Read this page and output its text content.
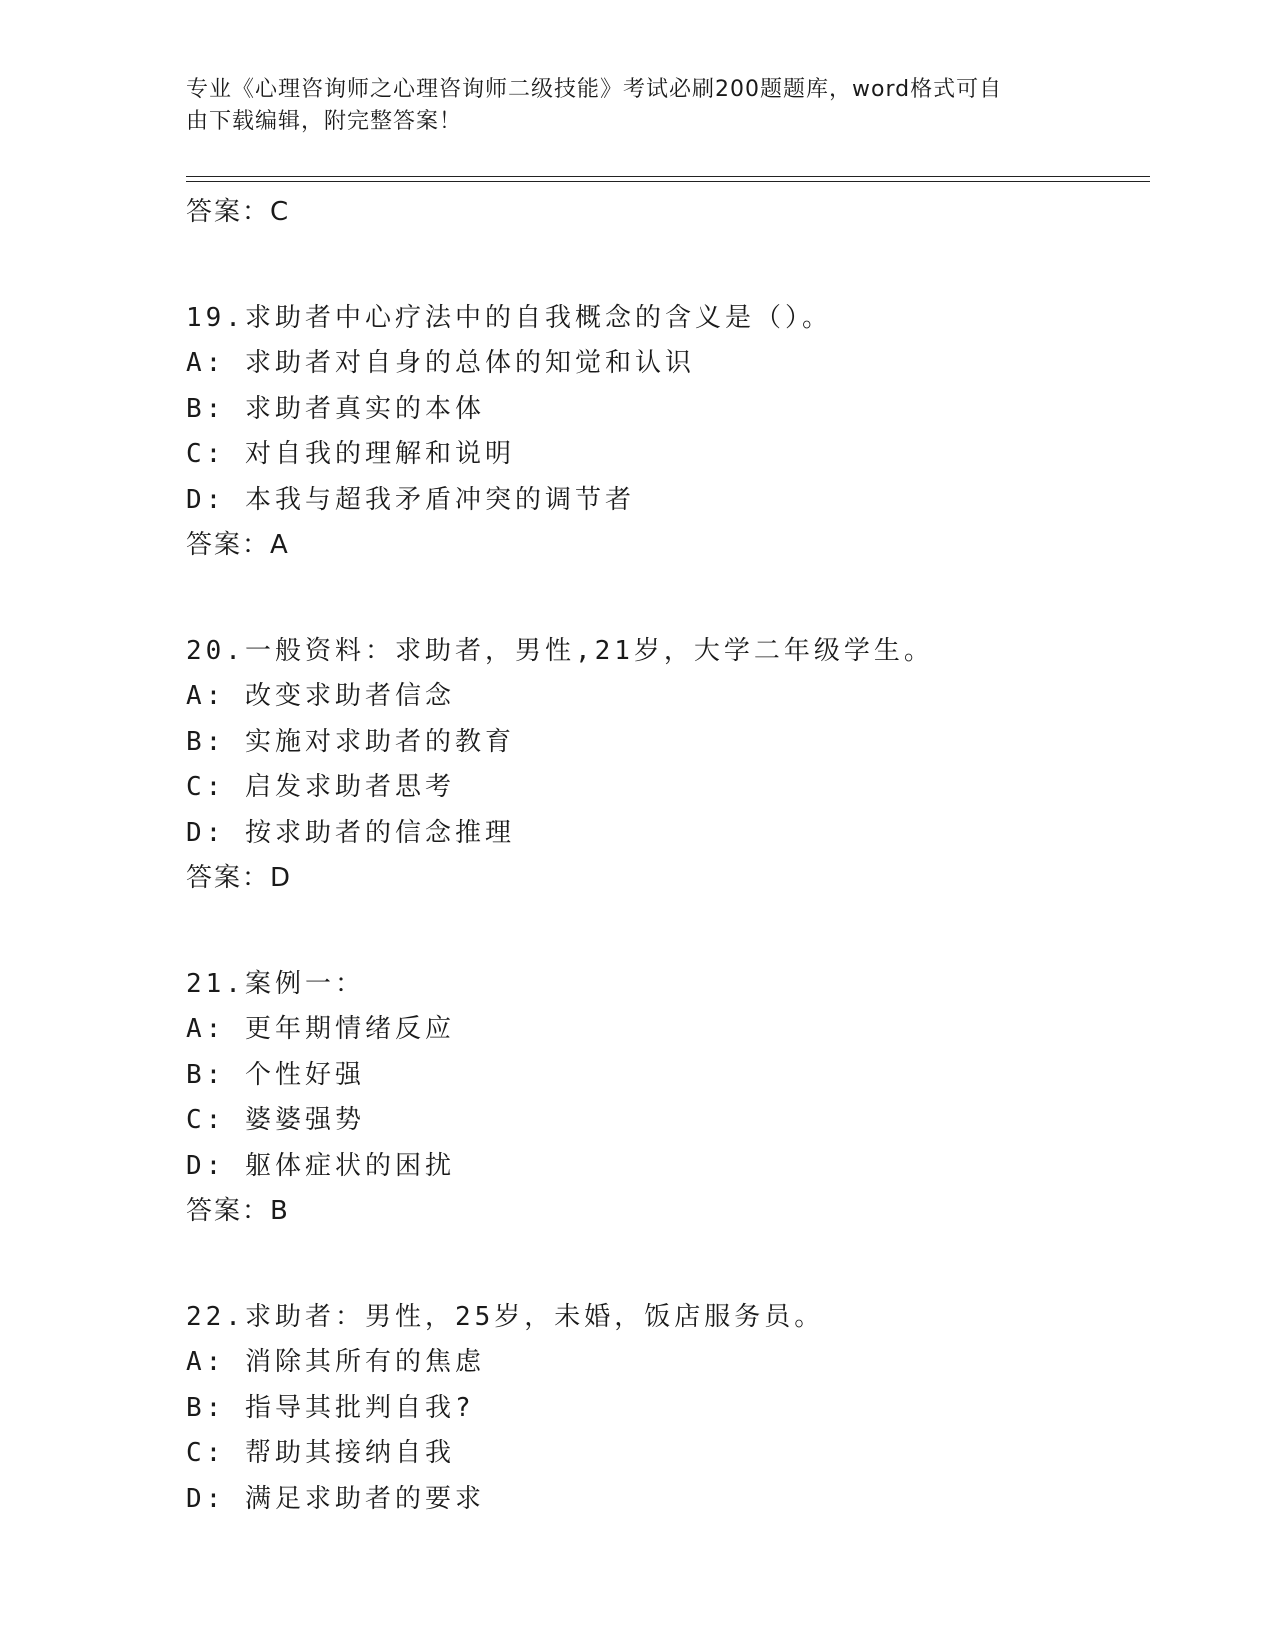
专业《心理咨询师之心理咨询师二级技能》考试必刷200题题库，word格式可自
由下载编辑，附完整答案！
答案：C
19.求助者中心疗法中的自我概念的含义是（）。
A: 求助者对自身的总体的知觉和认识
B: 求助者真实的本体
C: 对自我的理解和说明
D: 本我与超我矛盾冲突的调节者
答案：A
20.一般资料：求助者，男性,21岁，大学二年级学生。
A: 改变求助者信念
B: 实施对求助者的教育
C: 启发求助者思考
D: 按求助者的信念推理
答案：D
21.案例一：
A: 更年期情绪反应
B: 个性好强
C: 婆婆强势
D: 躯体症状的困扰
答案：B
22.求助者：男性，25岁，未婚，饭店服务员。
A: 消除其所有的焦虑
B: 指导其批判自我?
C: 帮助其接纳自我
D: 满足求助者的要求
